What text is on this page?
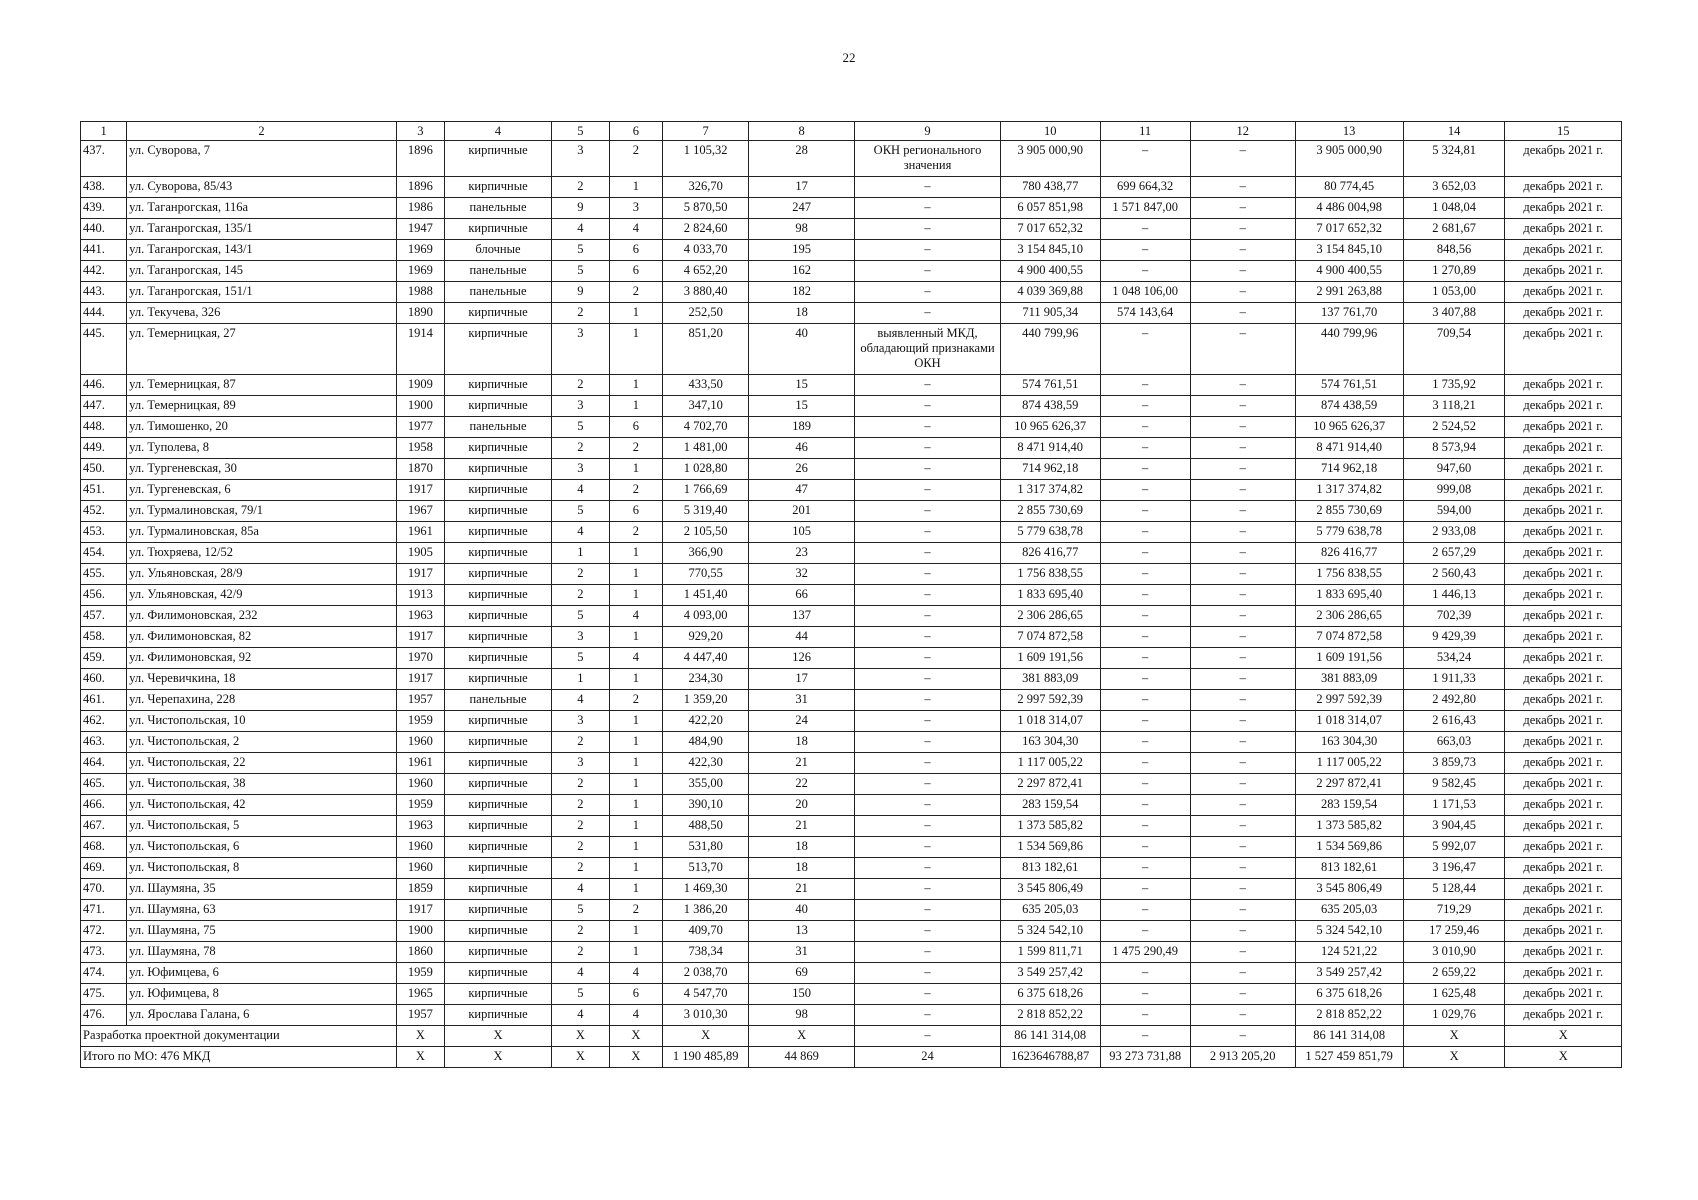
22
1	2	3	4	5	6	7	8	9	10	11	12	13	14	15
437.	ул. Суворова, 7	1896	кирпичные	3	2	1 105,32	28	ОКН регионального значения	3 905 000,90	–	–	3 905 000,90	5 324,81	декабрь 2021 г.
438.	ул. Суворова, 85/43	1896	кирпичные	2	1	326,70	17	–	780 438,77	699 664,32	–	80 774,45	3 652,03	декабрь 2021 г.
439.	ул. Таганрогская, 116а	1986	панельные	9	3	5 870,50	247	–	6 057 851,98	1 571 847,00	–	4 486 004,98	1 048,04	декабрь 2021 г.
440.	ул. Таганрогская, 135/1	1947	кирпичные	4	4	2 824,60	98	–	7 017 652,32	–	–	7 017 652,32	2 681,67	декабрь 2021 г.
441.	ул. Таганрогская, 143/1	1969	блочные	5	6	4 033,70	195	–	3 154 845,10	–	–	3 154 845,10	848,56	декабрь 2021 г.
442.	ул. Таганрогская, 145	1969	панельные	5	6	4 652,20	162	–	4 900 400,55	–	–	4 900 400,55	1 270,89	декабрь 2021 г.
443.	ул. Таганрогская, 151/1	1988	панельные	9	2	3 880,40	182	–	4 039 369,88	1 048 106,00	–	2 991 263,88	1 053,00	декабрь 2021 г.
444.	ул. Текучева, 326	1890	кирпичные	2	1	252,50	18	–	711 905,34	574 143,64	–	137 761,70	3 407,88	декабрь 2021 г.
445.	ул. Темерницкая, 27	1914	кирпичные	3	1	851,20	40	выявленный МКД, обладающий признаками ОКН	440 799,96	–	–	440 799,96	709,54	декабрь 2021 г.
446.	ул. Темерницкая, 87	1909	кирпичные	2	1	433,50	15	–	574 761,51	–	–	574 761,51	1 735,92	декабрь 2021 г.
447.	ул. Темерницкая, 89	1900	кирпичные	3	1	347,10	15	–	874 438,59	–	–	874 438,59	3 118,21	декабрь 2021 г.
448.	ул. Тимошенко, 20	1977	панельные	5	6	4 702,70	189	–	10 965 626,37	–	–	10 965 626,37	2 524,52	декабрь 2021 г.
449.	ул. Туполева, 8	1958	кирпичные	2	2	1 481,00	46	–	8 471 914,40	–	–	8 471 914,40	8 573,94	декабрь 2021 г.
450.	ул. Тургеневская, 30	1870	кирпичные	3	1	1 028,80	26	–	714 962,18	–	–	714 962,18	947,60	декабрь 2021 г.
451.	ул. Тургеневская, 6	1917	кирпичные	4	2	1 766,69	47	–	1 317 374,82	–	–	1 317 374,82	999,08	декабрь 2021 г.
452.	ул. Турмалиновская, 79/1	1967	кирпичные	5	6	5 319,40	201	–	2 855 730,69	–	–	2 855 730,69	594,00	декабрь 2021 г.
453.	ул. Турмалиновская, 85а	1961	кирпичные	4	2	2 105,50	105	–	5 779 638,78	–	–	5 779 638,78	2 933,08	декабрь 2021 г.
454.	ул. Тюхряева, 12/52	1905	кирпичные	1	1	366,90	23	–	826 416,77	–	–	826 416,77	2 657,29	декабрь 2021 г.
455.	ул. Ульяновская, 28/9	1917	кирпичные	2	1	770,55	32	–	1 756 838,55	–	–	1 756 838,55	2 560,43	декабрь 2021 г.
456.	ул. Ульяновская, 42/9	1913	кирпичные	2	1	1 451,40	66	–	1 833 695,40	–	–	1 833 695,40	1 446,13	декабрь 2021 г.
457.	ул. Филимоновская, 232	1963	кирпичные	5	4	4 093,00	137	–	2 306 286,65	–	–	2 306 286,65	702,39	декабрь 2021 г.
458.	ул. Филимоновская, 82	1917	кирпичные	3	1	929,20	44	–	7 074 872,58	–	–	7 074 872,58	9 429,39	декабрь 2021 г.
459.	ул. Филимоновская, 92	1970	кирпичные	5	4	4 447,40	126	–	1 609 191,56	–	–	1 609 191,56	534,24	декабрь 2021 г.
460.	ул. Черевичкина, 18	1917	кирпичные	1	1	234,30	17	–	381 883,09	–	–	381 883,09	1 911,33	декабрь 2021 г.
461.	ул. Черепахина, 228	1957	панельные	4	2	1 359,20	31	–	2 997 592,39	–	–	2 997 592,39	2 492,80	декабрь 2021 г.
462.	ул. Чистопольская, 10	1959	кирпичные	3	1	422,20	24	–	1 018 314,07	–	–	1 018 314,07	2 616,43	декабрь 2021 г.
463.	ул. Чистопольская, 2	1960	кирпичные	2	1	484,90	18	–	163 304,30	–	–	163 304,30	663,03	декабрь 2021 г.
464.	ул. Чистопольская, 22	1961	кирпичные	3	1	422,30	21	–	1 117 005,22	–	–	1 117 005,22	3 859,73	декабрь 2021 г.
465.	ул. Чистопольская, 38	1960	кирпичные	2	1	355,00	22	–	2 297 872,41	–	–	2 297 872,41	9 582,45	декабрь 2021 г.
466.	ул. Чистопольская, 42	1959	кирпичные	2	1	390,10	20	–	283 159,54	–	–	283 159,54	1 171,53	декабрь 2021 г.
467.	ул. Чистопольская, 5	1963	кирпичные	2	1	488,50	21	–	1 373 585,82	–	–	1 373 585,82	3 904,45	декабрь 2021 г.
468.	ул. Чистопольская, 6	1960	кирпичные	2	1	531,80	18	–	1 534 569,86	–	–	1 534 569,86	5 992,07	декабрь 2021 г.
469.	ул. Чистопольская, 8	1960	кирпичные	2	1	513,70	18	–	813 182,61	–	–	813 182,61	3 196,47	декабрь 2021 г.
470.	ул. Шаумяна, 35	1859	кирпичные	4	1	1 469,30	21	–	3 545 806,49	–	–	3 545 806,49	5 128,44	декабрь 2021 г.
471.	ул. Шаумяна, 63	1917	кирпичные	5	2	1 386,20	40	–	635 205,03	–	–	635 205,03	719,29	декабрь 2021 г.
472.	ул. Шаумяна, 75	1900	кирпичные	2	1	409,70	13	–	5 324 542,10	–	–	5 324 542,10	17 259,46	декабрь 2021 г.
473.	ул. Шаумяна, 78	1860	кирпичные	2	1	738,34	31	–	1 599 811,71	1 475 290,49	–	124 521,22	3 010,90	декабрь 2021 г.
474.	ул. Юфимцева, 6	1959	кирпичные	4	4	2 038,70	69	–	3 549 257,42	–	–	3 549 257,42	2 659,22	декабрь 2021 г.
475.	ул. Юфимцева, 8	1965	кирпичные	5	6	4 547,70	150	–	6 375 618,26	–	–	6 375 618,26	1 625,48	декабрь 2021 г.
476.	ул. Ярослава Галана, 6	1957	кирпичные	4	4	3 010,30	98	–	2 818 852,22	–	–	2 818 852,22	1 029,76	декабрь 2021 г.
Разработка проектной документации		Х	Х	Х	Х	Х	Х	–	86 141 314,08	–	–	86 141 314,08	Х	Х
Итого по МО: 476 МКД		Х	Х	Х	Х	1 190 485,89	44 869	24	1623646788,87	93 273 731,88	2 913 205,20	1 527 459 851,79	Х	Х
